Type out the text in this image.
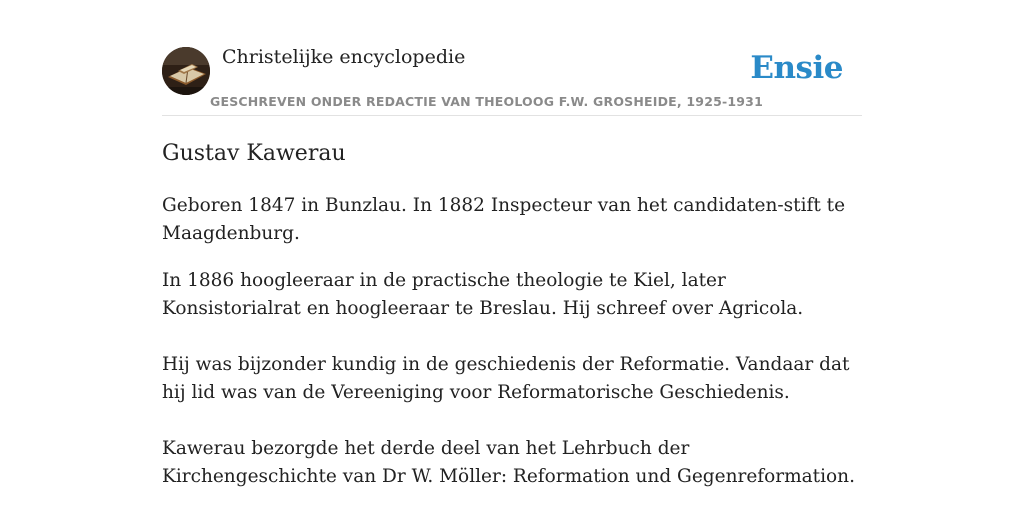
Christelijke encyclopedie
GESCHREVEN ONDER REDACTIE VAN THEOLOOG F.W. GROSHEIDE, 1925-1931
Ensie
Gustav Kawerau

Geboren 1847 in Bunzlau. In 1882 Inspecteur van het candidaten-stift te Maagdenburg.

In 1886 hoogleeraar in de practische theologie te Kiel, later Konsistorialrat en hoogleeraar te Breslau. Hij schreef over Agricola.

Hij was bijzonder kundig in de geschiedenis der Reformatie. Vandaar dat hij lid was van de Vereeniging voor Reformatorische Geschiedenis.

Kawerau bezorgde het derde deel van het Lehrbuch der Kirchengeschichte van Dr W. Möller: Reformation und Gegenreformation.
